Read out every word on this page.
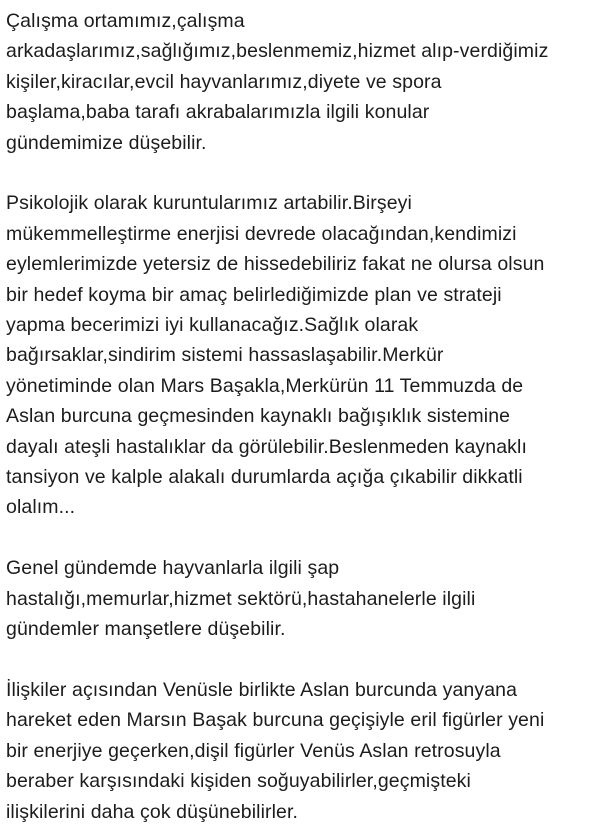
Çalışma ortamımız,çalışma
arkadaşlarımız,sağlığımız,beslenmemiz,hizmet alıp-verdiğimiz
kişiler,kiracılar,evcil hayvanlarımız,diyete ve spora
başlama,baba tarafı akrabalarımızla ilgili konular
gündemimize düşebilir.
Psikolojik olarak kuruntularımız artabilir.Birşeyi
mükemmelleştirme enerjisi devrede olacağından,kendimizi
eylemlerimizde yetersiz de hissedebiliriz fakat ne olursa olsun
bir hedef koyma bir amaç belirlediğimizde plan ve strateji
yapma becerimizi iyi kullanacağız.Sağlık olarak
bağırsaklar,sindirim sistemi hassaslaşabilir.Merkür
yönetiminde olan Mars Başakla,Merkürün 11 Temmuzda de
Aslan burcuna geçmesinden kaynaklı bağışıklık sistemine
dayalı ateşli hastalıklar da görülebilir.Beslenmeden kaynaklı
tansiyon ve kalple alakalı durumlarda açığa çıkabilir dikkatli
olalım...
Genel gündemde hayvanlarla ilgili şap
hastalığı,memurlar,hizmet sektörü,hastahanelerle ilgili
gündemler manşetlere düşebilir.
İlişkiler açısından Venüsle birlikte Aslan burcunda yanyana
hareket eden Marsın Başak burcuna geçişiyle eril figürler yeni
bir enerjiye geçerken,dişil figürler Venüs Aslan retrosuyla
beraber karşısındaki kişiden soğuyabilirler,geçmişteki
ilişkilerini daha çok düşünebilirler.
